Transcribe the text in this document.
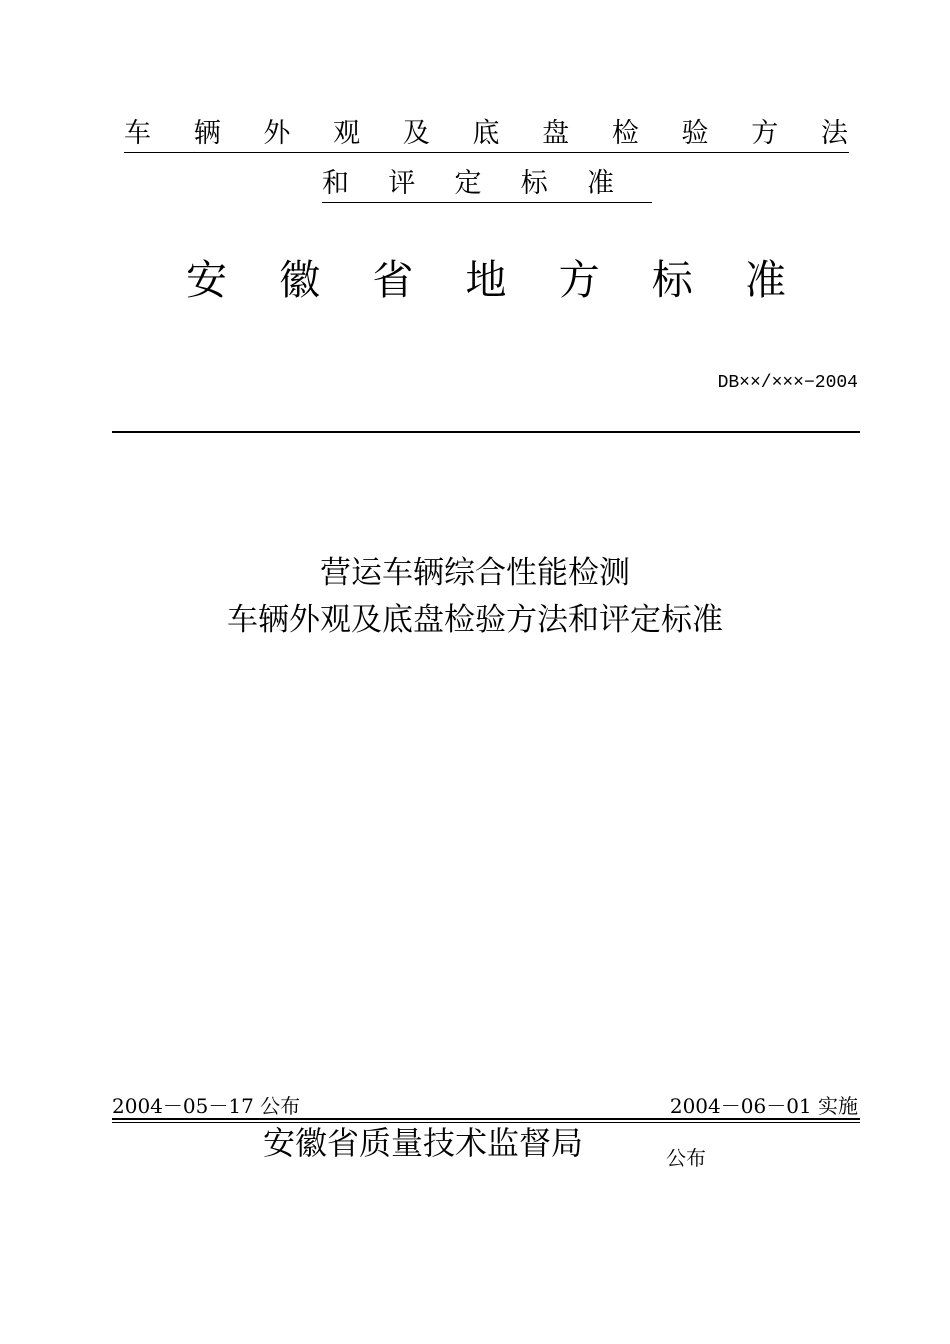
车 辆 外 观 及 底 盘 检 验 方 法
和 评 定 标 准
安 徽 省 地 方 标 准
DB××/×××−2004
营运车辆综合性能检测
车辆外观及底盘检验方法和评定标准
2004－05－17 公布	2004－06－01 实施
安徽省质量技术监督局	公布
